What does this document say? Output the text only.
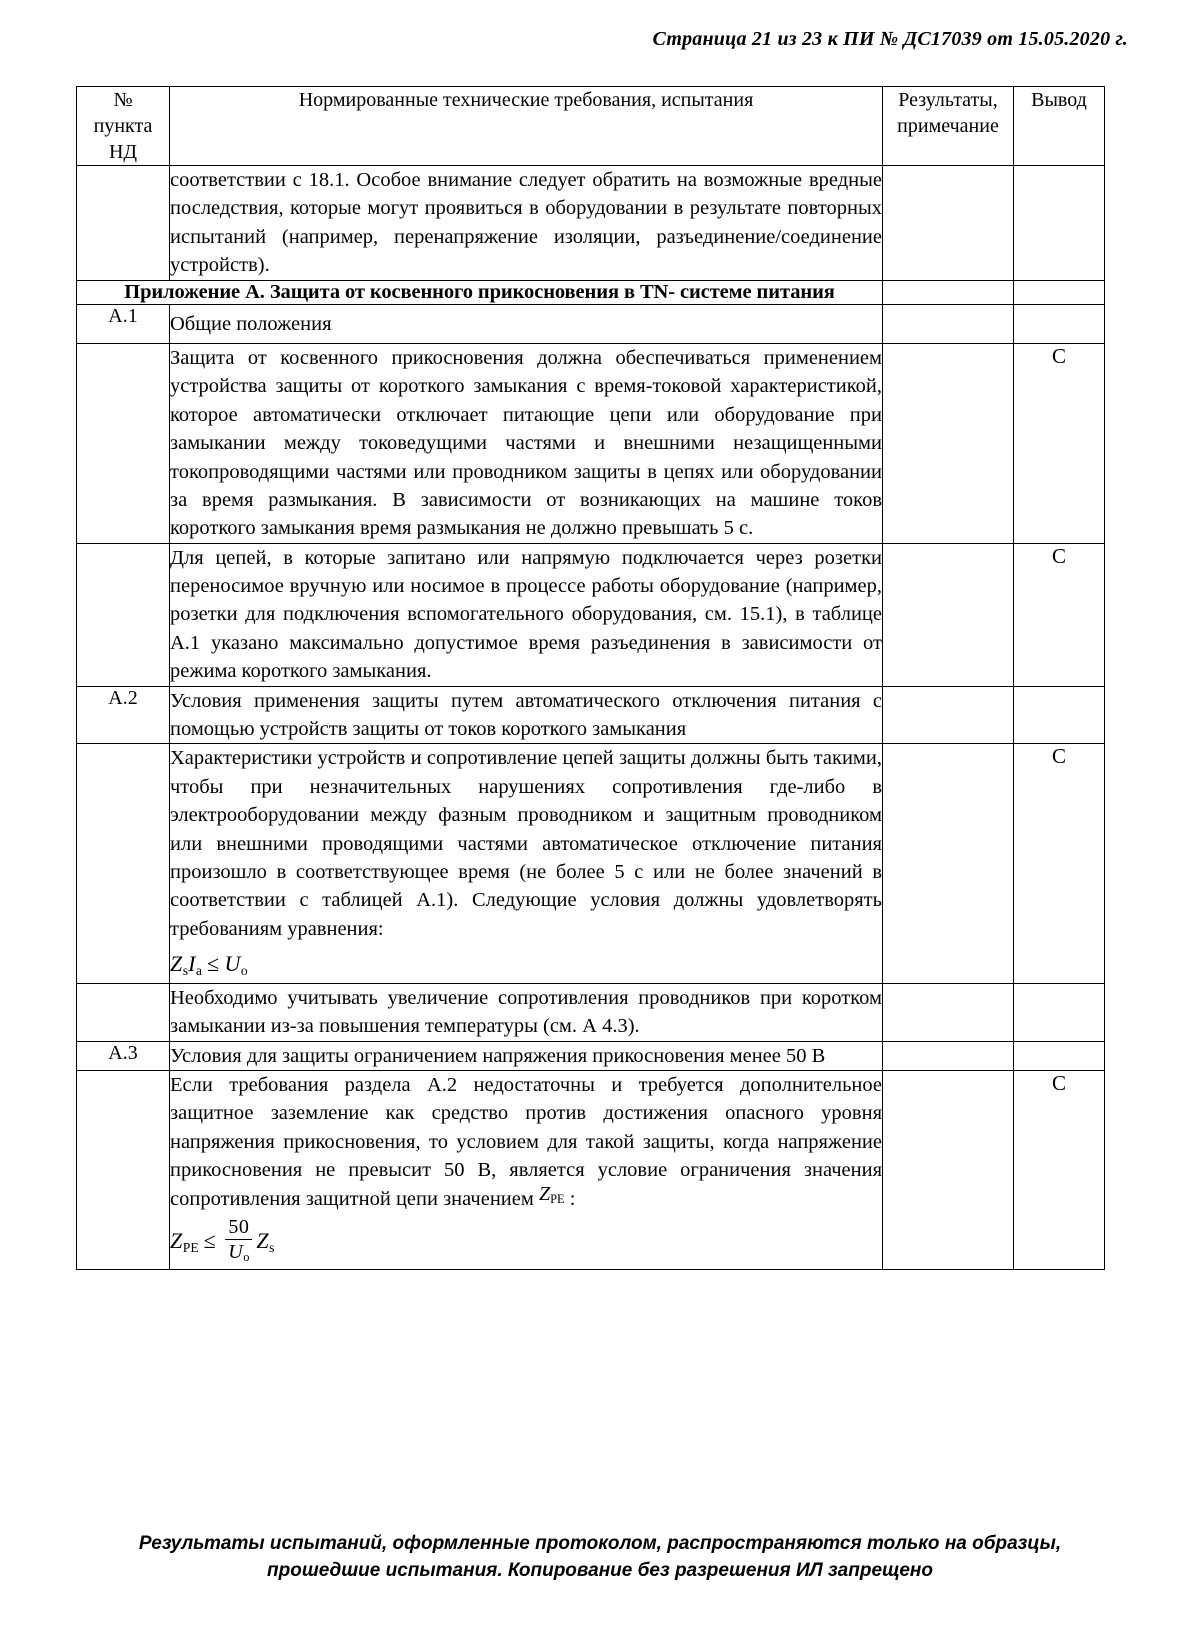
Страница 21 из 23 к ПИ № ДС17039 от 15.05.2020 г.
№
пункта
НД	Нормированные технические требования, испытания	Результаты,
примечание	Вывод

	соответствии с 18.1. Особое внимание следует обратить на возможные вредные последствия, которые могут проявиться в оборудовании в результате повторных испытаний (например, перенапряжение изоляции, разъединение/соединение устройств).		

Приложение А. Защита от косвенного прикосновения в TN- системе питания			
А.1	Общие положения		

	Защита от косвенного прикосновения должна обеспечиваться применением устройства защиты от короткого замыкания с время-токовой характеристикой, которое автоматически отключает питающие цепи или оборудование при замыкании между токоведущими частями и внешними незащищенными токопроводящими частями или проводником защиты в цепях или оборудовании за время размыкания. В зависимости от возникающих на машине токов короткого замыкания время размыкания не должно превышать 5 с.		С

	Для цепей, в которые запитано или напрямую подключается через розетки переносимое вручную или носимое в процессе работы оборудование (например, розетки для подключения вспомогательного оборудования, см. 15.1), в таблице А.1 указано максимально допустимое время разъединения в зависимости от режима короткого замыкания.		С
А.2	Условия применения защиты путем автоматического отключения питания с помощью устройств защиты от токов короткого замыкания		

	Характеристики устройств и сопротивление цепей защиты должны быть такими, чтобы при незначительных нарушениях сопротивления где-либо в электрооборудовании между фазным проводником и защитным проводником или внешними проводящими частями автоматическое отключение питания произошло в соответствующее время (не более 5 с или не более значений в соответствии с таблицей А.1). Следующие условия должны удовлетворять требованиям уравнения:

$Z_sI_a \le U_o$		С

	Необходимо учитывать увеличение сопротивления проводников при коротком замыкании из-за повышения температуры (см. А 4.3).		

А.3	Условия для защиты ограничением напряжения прикосновения менее 50 В		

	Если требования раздела А.2 недостаточны и требуется дополнительное защитное заземление как средство против достижения опасного уровня напряжения прикосновения, то условием для такой защиты, когда напряжение прикосновения не превысит 50 В, является условие ограничения значения сопротивления защитной цепи значением $Z_{PE}$ :

$Z_{PE} \le \frac{50}{U_o} Z_s$		С
Результаты испытаний, оформленные протоколом, распространяются только на образцы,
прошедшие испытания. Копирование без разрешения ИЛ запрещено
